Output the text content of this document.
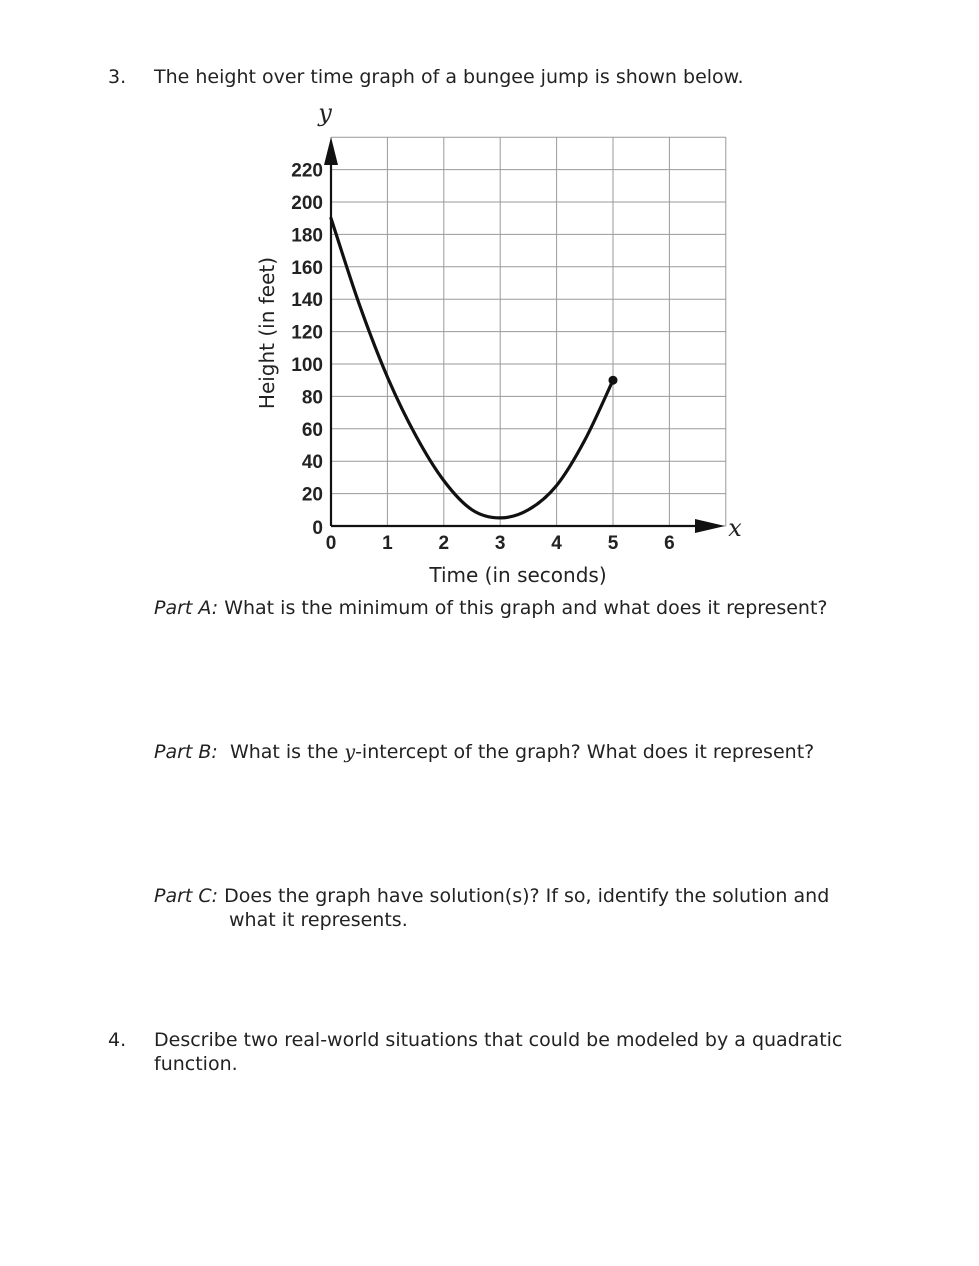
3. The height over time graph of a bungee jump is shown below.
20
40
60
80
100
120
140
160
180
200
220
0 1 2 3 4 5 6
0	x
y
Time (in seconds)
Height (in feet)
Part A: What is the minimum of this graph and what does it represent?
Part B: What is the y-intercept of the graph? What does it represent?
Part C: Does the graph have solution(s)? If so, identify the solution and
what it represents.
4. Describe two real-world situations that could be modeled by a quadratic
function.
